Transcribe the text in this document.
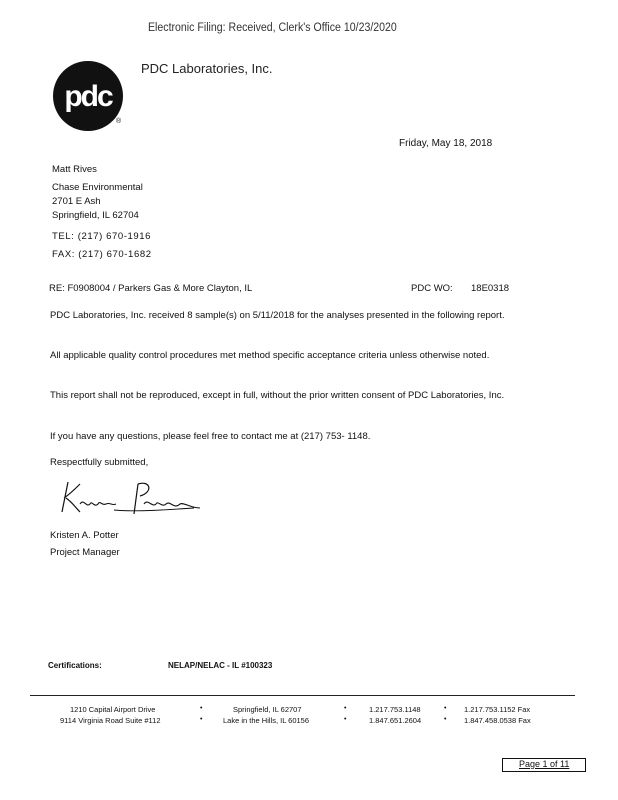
Electronic Filing: Received, Clerk's Office 10/23/2020
pdc
®
PDC Laboratories, Inc.
Friday, May 18, 2018
Matt Rives
Chase Environmental
2701 E Ash
Springfield, IL 62704
TEL: (217) 670-1916
FAX: (217) 670-1682
RE: F0908004 / Parkers Gas & More Clayton, IL	PDC WO: 18E0318
PDC Laboratories, Inc. received 8 sample(s) on 5/11/2018 for the analyses presented in the following report.
All applicable quality control procedures met method specific acceptance criteria unless otherwise noted.
This report shall not be reproduced, except in full, without the prior written consent of PDC Laboratories, Inc.
If you have any questions, please feel free to contact me at (217) 753- 1148.
Respectfully submitted,
Kristen A. Potter
Project Manager
Certifications:	NELAP/NELAC - IL #100323
1210 Capital Airport Drive	•	Springfield, IL 62707	•	1.217.753.1148	• 1.217.753.1152 Fax
9114 Virginia Road Suite #112	•	Lake in the Hills, IL 60156	•	1.847.651.2604	• 1.847.458.0538 Fax
Page 1 of 11
